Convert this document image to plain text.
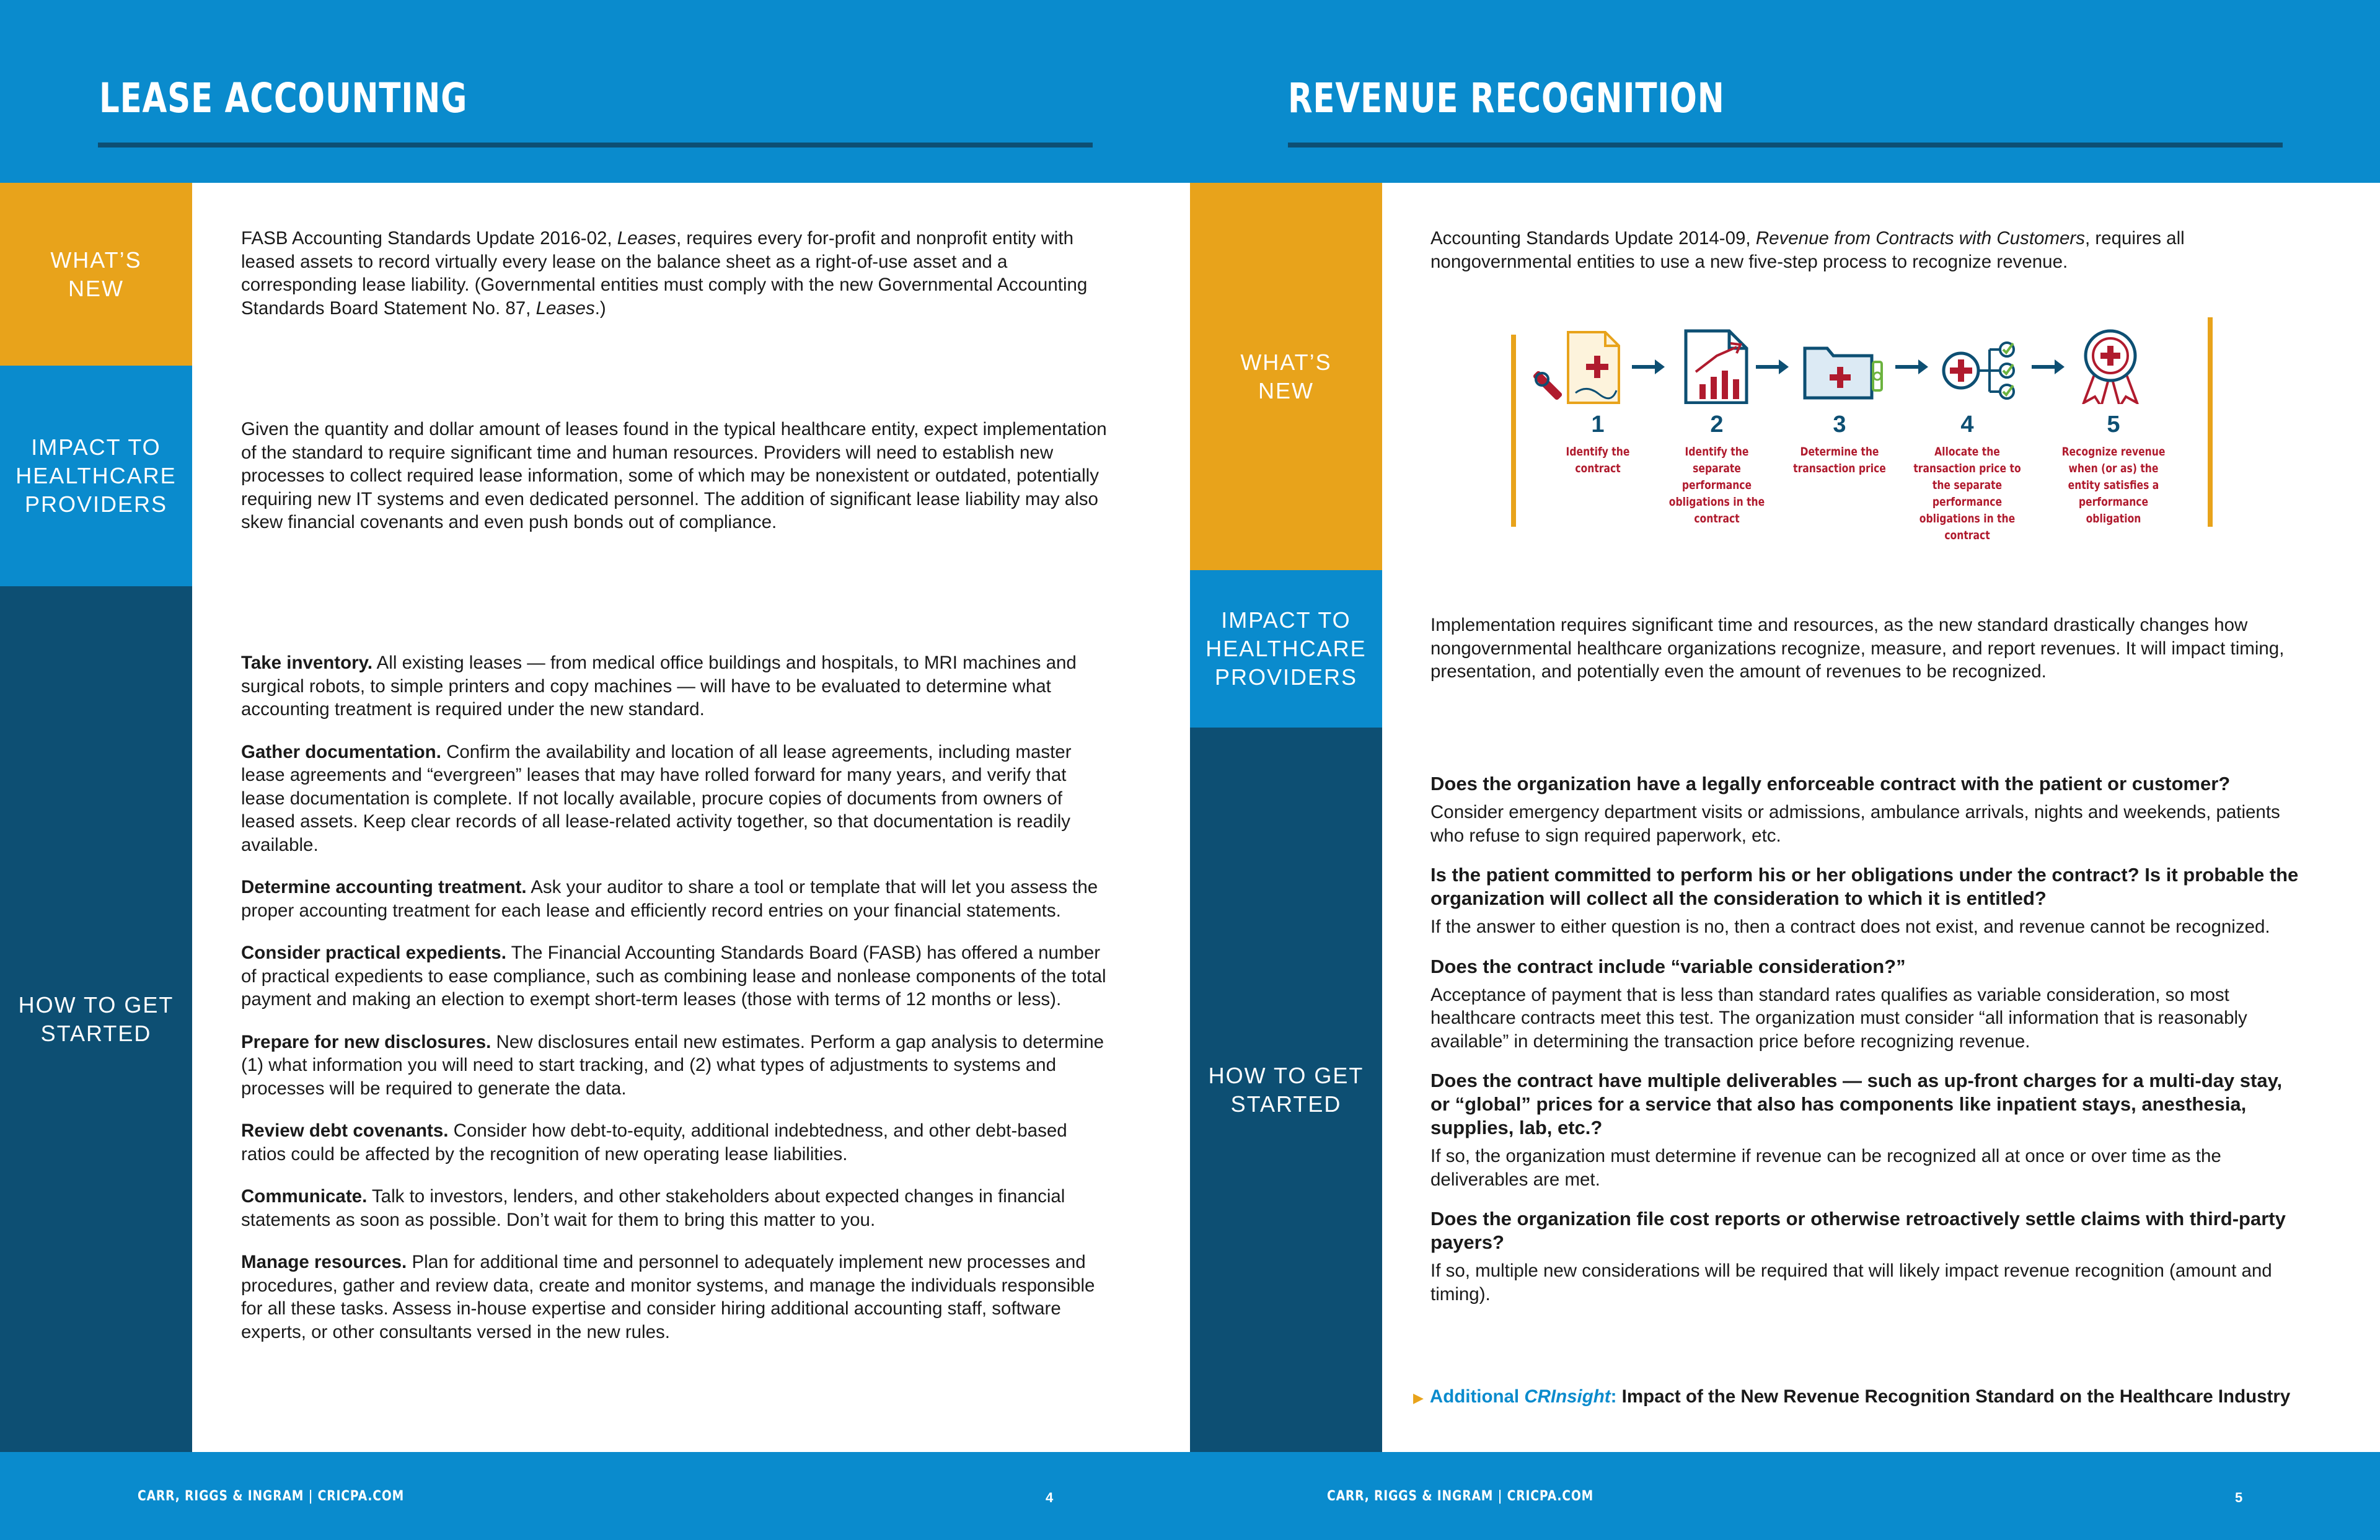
LEASE ACCOUNTING	REVENUE RECOGNITION
WHAT’S
NEW
IMPACT TO
HEALTHCARE
PROVIDERS
HOW TO GET
STARTED
FASB Accounting Standards Update 2016-02, Leases, requires every for-profit and nonprofit entity with leased assets to record virtually every lease on the balance sheet as a right-of-use asset and a corresponding lease liability. (Governmental entities must comply with the new Governmental Accounting Standards Board Statement No. 87, Leases.)
Given the quantity and dollar amount of leases found in the typical healthcare entity, expect implementation of the standard to require significant time and human resources. Providers will need to establish new processes to collect required lease information, some of which may be nonexistent or outdated, potentially requiring new IT systems and even dedicated personnel. The addition of significant lease liability may also skew financial covenants and even push bonds out of compliance.

Take inventory. All existing leases — from medical office buildings and hospitals, to MRI machines and surgical robots, to simple printers and copy machines — will have to be evaluated to determine what accounting treatment is required under the new standard.

Gather documentation. Confirm the availability and location of all lease agreements, including master lease agreements and “evergreen” leases that may have rolled forward for many years, and verify that lease documentation is complete. If not locally available, procure copies of documents from owners of leased assets. Keep clear records of all lease-related activity together, so that documentation is readily available.

Determine accounting treatment. Ask your auditor to share a tool or template that will let you assess the proper accounting treatment for each lease and efficiently record entries on your financial statements.

Consider practical expedients. The Financial Accounting Standards Board (FASB) has offered a number of practical expedients to ease compliance, such as combining lease and nonlease components of the total payment and making an election to exempt short-term leases (those with terms of 12 months or less).

Prepare for new disclosures. New disclosures entail new estimates. Perform a gap analysis to determine (1) what information you will need to start tracking, and (2) what types of adjustments to systems and processes will be required to generate the data.

Review debt covenants. Consider how debt-to-equity, additional indebtedness, and other debt-based ratios could be affected by the recognition of new operating lease liabilities.

Communicate. Talk to investors, lenders, and other stakeholders about expected changes in financial statements as soon as possible. Don’t wait for them to bring this matter to you.

Manage resources. Plan for additional time and personnel to adequately implement new processes and procedures, gather and review data, create and monitor systems, and manage the individuals responsible for all these tasks. Assess in-house expertise and consider hiring additional accounting staff, software experts, or other consultants versed in the new rules.

WHAT’S
NEW
IMPACT TO
HEALTHCARE
PROVIDERS
HOW TO GET
STARTED
Accounting Standards Update 2014-09, Revenue from Contracts with Customers, requires all nongovernmental entities to use a new five-step process to recognize revenue.
1	2	3	4	5
Identify the contract
Identify the separate performance obligations in the contract
Determine the transaction price
Allocate the transaction price to the separate performance obligations in the contract
Recognize revenue when (or as) the entity satisfies a performance obligation
Implementation requires significant time and resources, as the new standard drastically changes how nongovernmental healthcare organizations recognize, measure, and report revenues. It will impact timing, presentation, and potentially even the amount of revenues to be recognized.
Does the organization have a legally enforceable contract with the patient or customer?
Consider emergency department visits or admissions, ambulance arrivals, nights and weekends, patients who refuse to sign required paperwork, etc.
Is the patient committed to perform his or her obligations under the contract? Is it probable the organization will collect all the consideration to which it is entitled?
If the answer to either question is no, then a contract does not exist, and revenue cannot be recognized.
Does the contract include “variable consideration?”
Acceptance of payment that is less than standard rates qualifies as variable consideration, so most healthcare contracts meet this test. The organization must consider “all information that is reasonably available” in determining the transaction price before recognizing revenue.
Does the contract have multiple deliverables — such as up-front charges for a multi-day stay, or “global” prices for a service that also has components like inpatient stays, anesthesia, supplies, lab, etc.?
If so, the organization must determine if revenue can be recognized all at once or over time as the deliverables are met.
Does the organization file cost reports or otherwise retroactively settle claims with third-party payers?
If so, multiple new considerations will be required that will likely impact revenue recognition (amount and timing).
▶ Additional CRInsight: Impact of the New Revenue Recognition Standard on the Healthcare Industry
CARR, RIGGS & INGRAM | CRICPA.COM	4	CARR, RIGGS & INGRAM | CRICPA.COM	5
